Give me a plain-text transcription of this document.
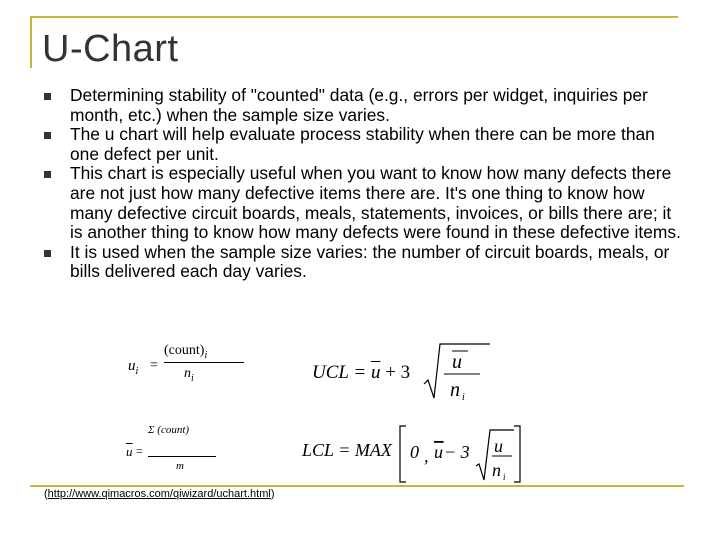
U-Chart
Determining stability of "counted" data (e.g., errors per widget, inquiries per month, etc.) when the sample size varies.
The u chart will help evaluate process stability when there can be more than one defect per unit.
This chart is especially useful when you want to know how many defects there are not just how many defective items there are. It's one thing to know how many defective circuit boards, meals, statements, invoices, or bills there are; it is another thing to know how many defects were found in these defective items.
It is used when the sample size varies: the number of circuit boards, meals, or bills delivered each day varies.
$u_i$ =
$(count)_i$
$n_i$
$\overline{u}$ =
Σ (count)
m
UCL = $\overline{u} + 3$ u
n i
LCL = MAX 0 , u − 3 u
n i
(http://www.qimacros.com/qiwizard/uchart.html)
